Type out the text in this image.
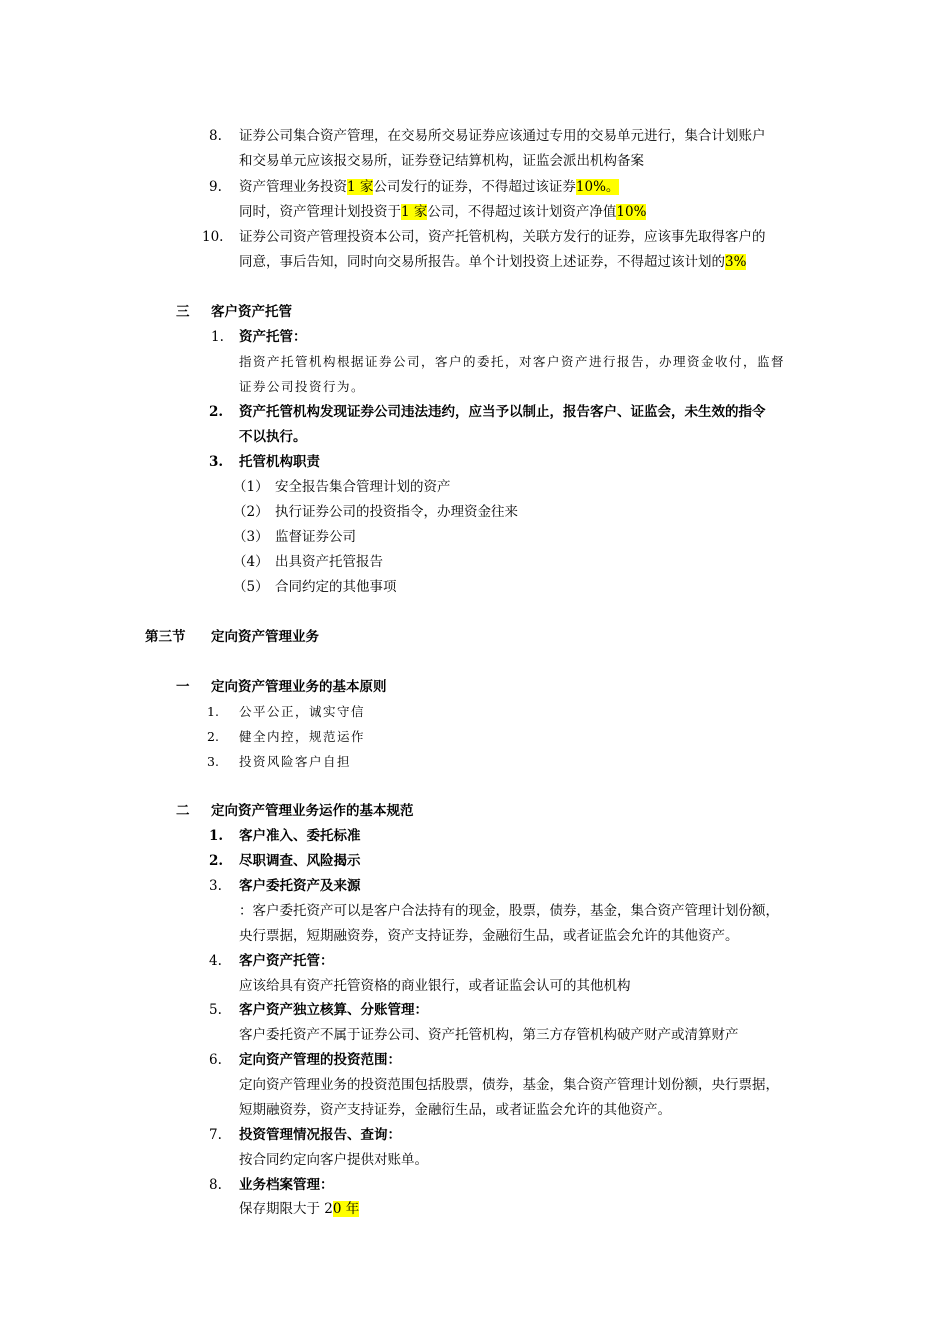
8. 证券公司集合资产管理，在交易所交易证券应该通过专用的交易单元进行，集合计划账户
和交易单元应该报交易所，证券登记结算机构，证监会派出机构备案
9. 资产管理业务投资1 家公司发行的证券，不得超过该证券10%。
同时，资产管理计划投资于1 家公司，不得超过该计划资产净值10%
10. 证券公司资产管理投资本公司，资产托管机构，关联方发行的证券，应该事先取得客户的
同意，事后告知，同时向交易所报告。单个计划投资上述证券，不得超过该计划的3%
三 客户资产托管
1. 资产托管：
指资产托管机构根据证券公司，客户的委托，对客户资产进行报告，办理资金收付，监督
证券公司投资行为。
2. 资产托管机构发现证券公司违法违约，应当予以制止，报告客户、证监会，未生效的指令
不以执行。
3. 托管机构职责
（1） 安全报告集合管理计划的资产
（2） 执行证券公司的投资指令，办理资金往来
（3） 监督证券公司
（4） 出具资产托管报告
（5） 合同约定的其他事项
第三节 定向资产管理业务
一 定向资产管理业务的基本原则
1. 公平公正，诚实守信
2. 健全内控，规范运作
3. 投资风险客户自担
二 定向资产管理业务运作的基本规范
1. 客户准入、委托标准
2. 尽职调查、风险揭示
3. 客户委托资产及来源
：客户委托资产可以是客户合法持有的现金，股票，债券，基金，集合资产管理计划份额，
央行票据，短期融资券，资产支持证券，金融衍生品，或者证监会允许的其他资产。
4. 客户资产托管：
应该给具有资产托管资格的商业银行，或者证监会认可的其他机构
5. 客户资产独立核算、分账管理：
客户委托资产不属于证券公司、资产托管机构，第三方存管机构破产财产或清算财产
6. 定向资产管理的投资范围：
定向资产管理业务的投资范围包括股票，债券，基金，集合资产管理计划份额，央行票据，
短期融资券，资产支持证券，金融衍生品，或者证监会允许的其他资产。
7. 投资管理情况报告、查询：
按合同约定向客户提供对账单。
8. 业务档案管理：
保存期限大于 20 年
